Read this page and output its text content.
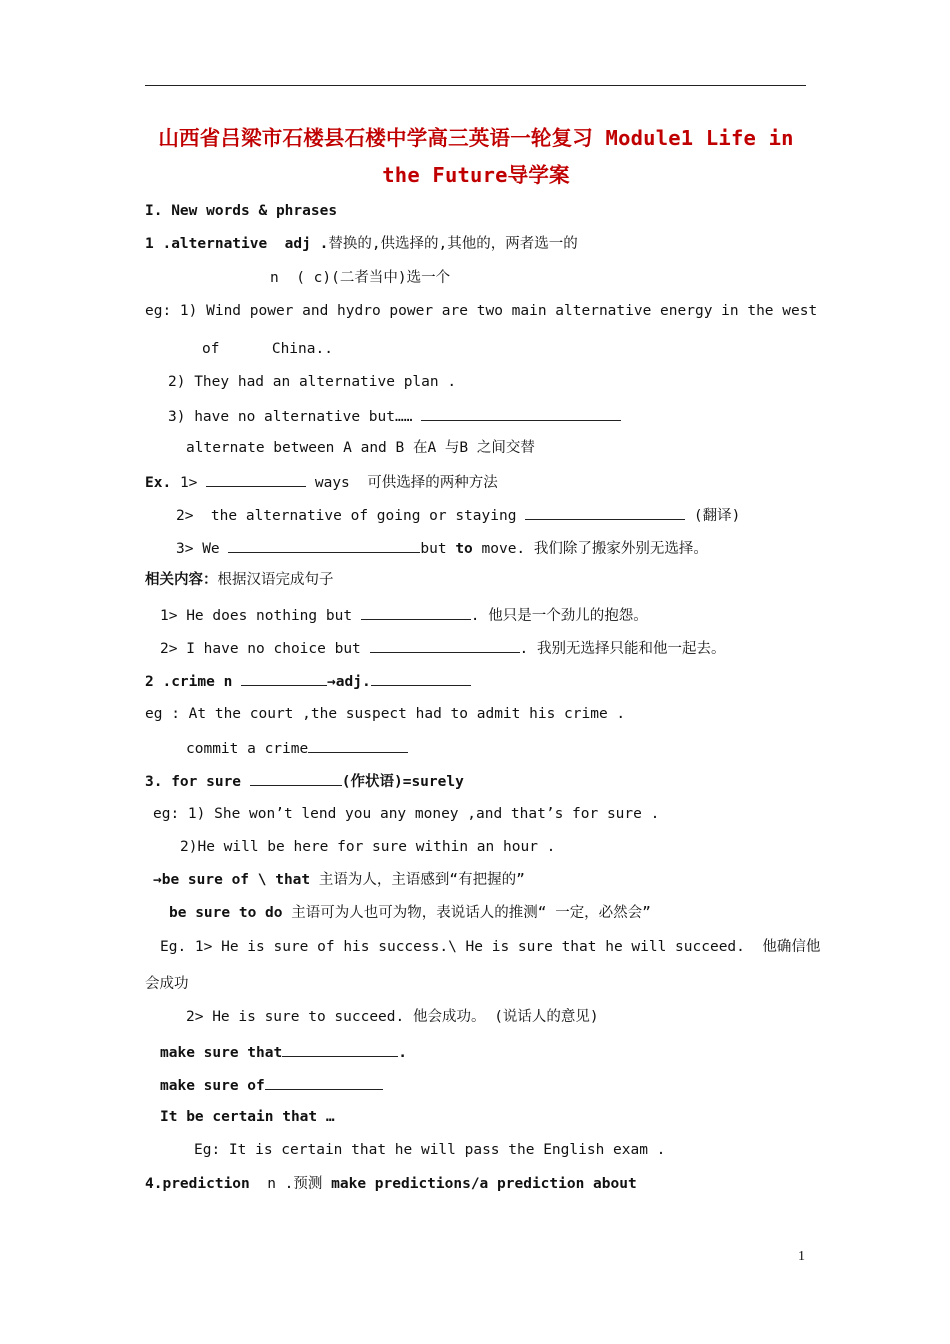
山西省吕梁市石楼县石楼中学高三英语一轮复习 Module1 Life in the Future导学案
I. New words & phrases
1 .alternative  adj .替换的,供选择的,其他的，两者选一的
n  ( c)(二者当中)选一个
eg: 1) Wind power and hydro power are two main alternative energy in the west
of      China..
2) They had an alternative plan .
3) have no alternative but……
alternate between A and B 在A 与B 之间交替
Ex. 1>	ways  可供选择的两种方法
2>  the alternative of going or staying	(翻译)
3> We	but to move. 我们除了搬家外别无选择。
相关内容：根据汉语完成句子
1> He does nothing but	. 他只是一个劲儿的抱怨。
2> I have no choice but	. 我别无选择只能和他一起去。
2 .crime n	→adj.
eg : At the court ,the suspect had to admit his crime .
commit a crime
3. for sure	(作状语)=surely
eg: 1) She won’t lend you any money ,and that’s for sure .
2)He will be here for sure within an hour .
→be sure of \ that 主语为人，主语感到“有把握的”
be sure to do 主语可为人也可为物，表说话人的推测“ 一定，必然会”
Eg. 1> He is sure of his success.\ He is sure that he will succeed.  他确信他
会成功
2> He is sure to succeed. 他会成功。 (说话人的意见)
make sure that	.
make sure of
It be certain that …
Eg: It is certain that he will pass the English exam .
4.prediction  n .预测 make predictions/a prediction about
1
